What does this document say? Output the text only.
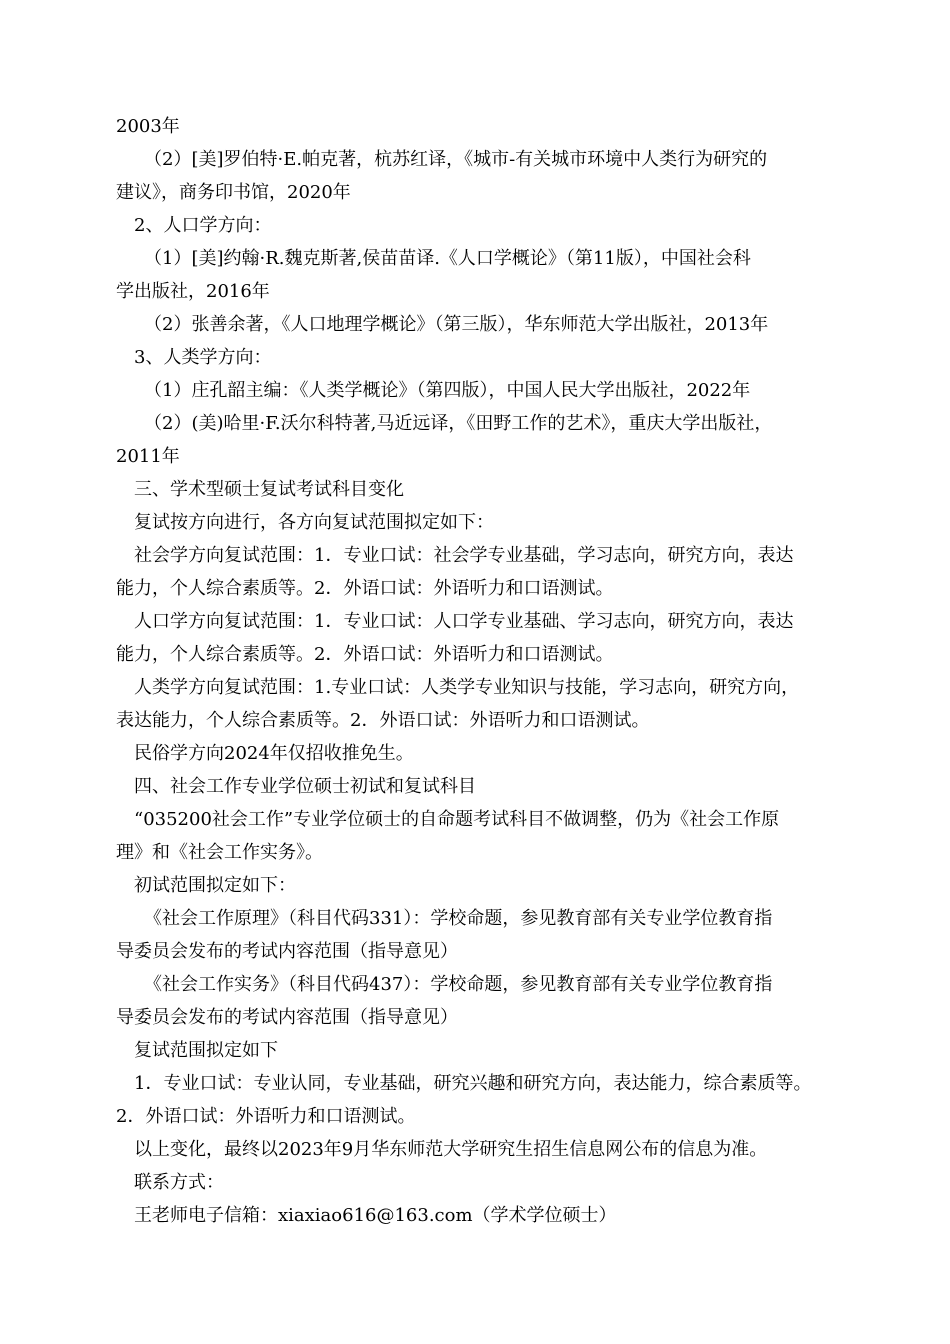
2003年
（2）[美]罗伯特·E.帕克著，杭苏红译，《城市-有关城市环境中人类行为研究的
建议》，商务印书馆，2020年
2、人口学方向：
（1）[美]约翰·R.魏克斯著,侯苗苗译.《人口学概论》（第11版），中国社会科
学出版社，2016年
（2）张善余著，《人口地理学概论》（第三版），华东师范大学出版社，2013年
3、人类学方向：
（1）庄孔韶主编：《人类学概论》（第四版），中国人民大学出版社，2022年
（2）(美)哈里·F.沃尔科特著,马近远译，《田野工作的艺术》，重庆大学出版社，
2011年
三、学术型硕士复试考试科目变化
复试按方向进行，各方向复试范围拟定如下：
社会学方向复试范围：1．专业口试：社会学专业基础，学习志向，研究方向，表达
能力，个人综合素质等。2．外语口试：外语听力和口语测试。
人口学方向复试范围：1．专业口试：人口学专业基础、学习志向，研究方向，表达
能力，个人综合素质等。2．外语口试：外语听力和口语测试。
人类学方向复试范围：1.专业口试：人类学专业知识与技能，学习志向，研究方向，
表达能力，个人综合素质等。2．外语口试：外语听力和口语测试。
民俗学方向2024年仅招收推免生。
四、社会工作专业学位硕士初试和复试科目
“035200社会工作”专业学位硕士的自命题考试科目不做调整，仍为《社会工作原
理》和《社会工作实务》。
初试范围拟定如下：
《社会工作原理》（科目代码331）：学校命题，参见教育部有关专业学位教育指
导委员会发布的考试内容范围（指导意见）
《社会工作实务》（科目代码437）：学校命题，参见教育部有关专业学位教育指
导委员会发布的考试内容范围（指导意见）
复试范围拟定如下
1．专业口试：专业认同，专业基础，研究兴趣和研究方向，表达能力，综合素质等。
2．外语口试：外语听力和口语测试。
以上变化，最终以2023年9月华东师范大学研究生招生信息网公布的信息为准。
联系方式：
王老师电子信箱：xiaxiao616@163.com（学术学位硕士）
